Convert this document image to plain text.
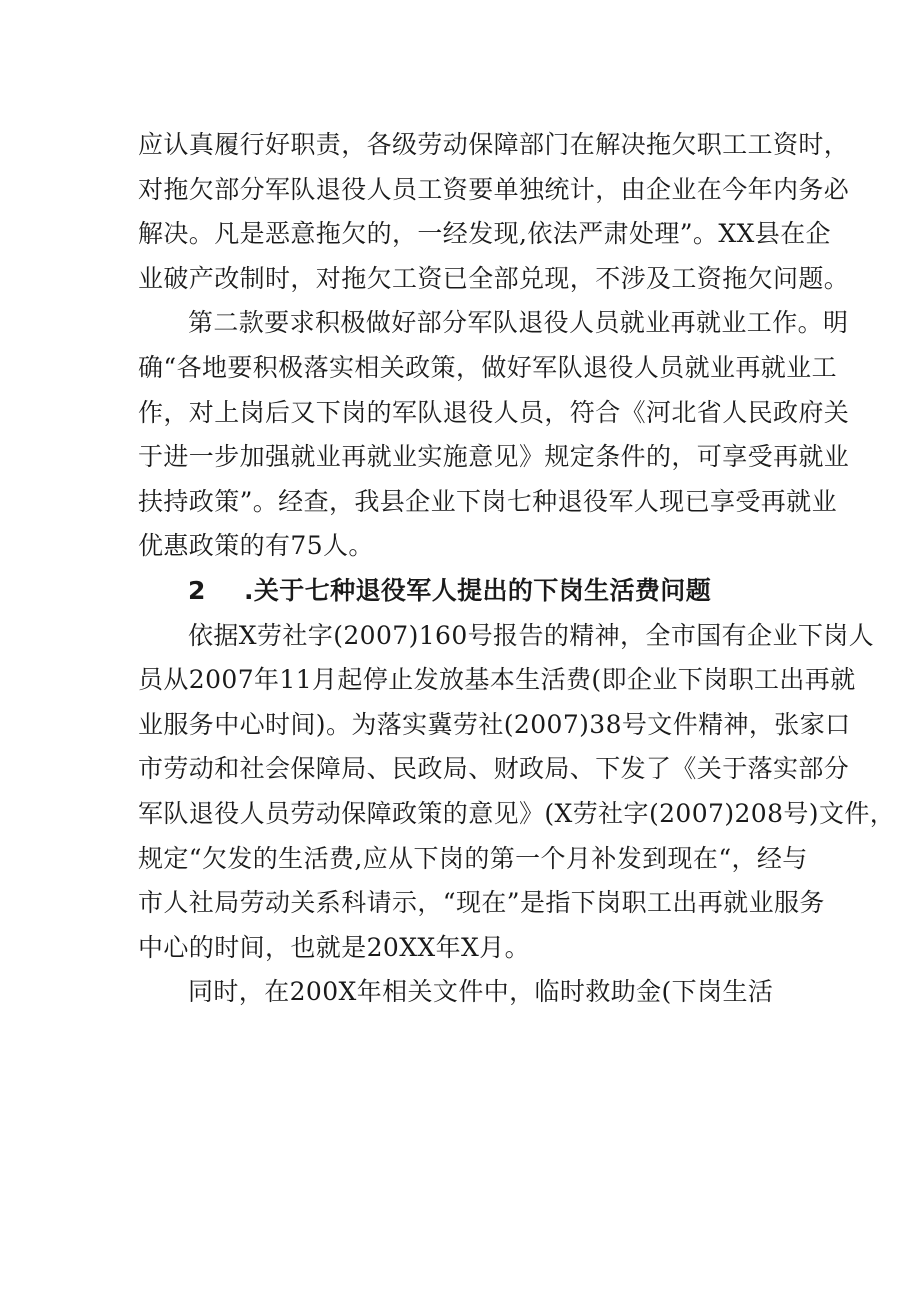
应认真履行好职责，各级劳动保障部门在解决拖欠职工工资时，
对拖欠部分军队退役人员工资要单独统计，由企业在今年内务必
解决。凡是恶意拖欠的，一经发现,依法严肃处理”。XX县在企
业破产改制时，对拖欠工资已全部兑现，不涉及工资拖欠问题。
第二款要求积极做好部分军队退役人员就业再就业工作。明
确“各地要积极落实相关政策，做好军队退役人员就业再就业工
作，对上岗后又下岗的军队退役人员，符合《河北省人民政府关
于进一步加强就业再就业实施意见》规定条件的，可享受再就业
扶持政策”。经查，我县企业下岗七种退役军人现已享受再就业
优惠政策的有75人。
2 .关于七种退役军人提出的下岗生活费问题
依据X劳社字(2007)160号报告的精神，全市国有企业下岗人
员从2007年11月起停止发放基本生活费(即企业下岗职工出再就
业服务中心时间)。为落实冀劳社(2007)38号文件精神，张家口
市劳动和社会保障局、民政局、财政局、下发了《关于落实部分
军队退役人员劳动保障政策的意见》(X劳社字(2007)208号)文件，
规定“欠发的生活费,应从下岗的第一个月补发到现在“，经与
市人社局劳动关系科请示，“现在”是指下岗职工出再就业服务
中心的时间，也就是20XX年X月。
同时，在200X年相关文件中，临时救助金(下岗生活
